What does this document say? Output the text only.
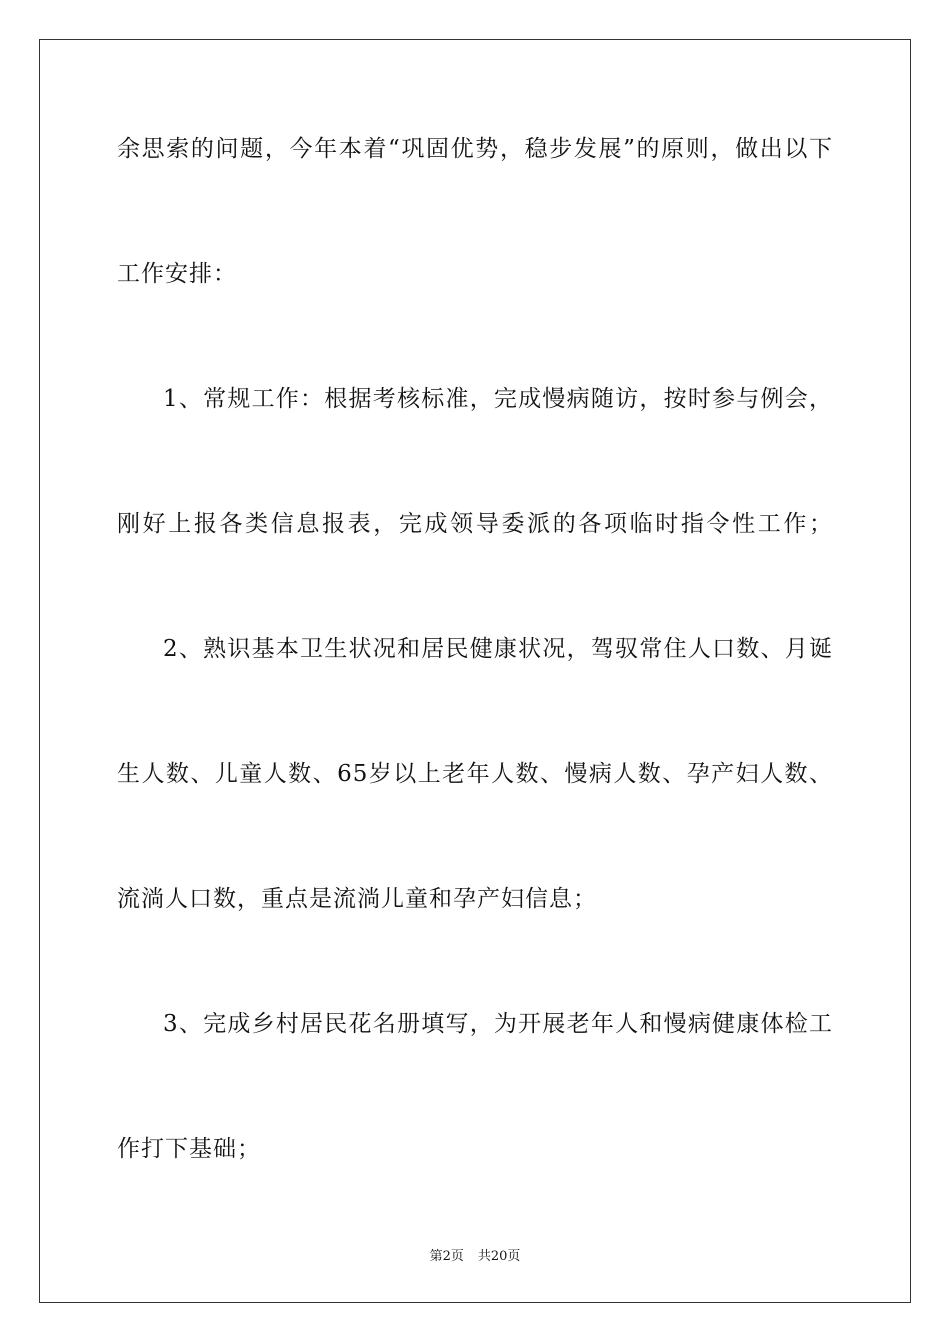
余思索的问题，今年本着“巩固优势，稳步发展”的原则，做出以下
工作安排：
1、常规工作：根据考核标准，完成慢病随访，按时参与例会，
刚好上报各类信息报表，完成领导委派的各项临时指令性工作；
2、熟识基本卫生状况和居民健康状况，驾驭常住人口数、月诞
生人数、儿童人数、65岁以上老年人数、慢病人数、孕产妇人数、
流淌人口数，重点是流淌儿童和孕产妇信息；
3、完成乡村居民花名册填写，为开展老年人和慢病健康体检工
作打下基础；
第2页 共20页
